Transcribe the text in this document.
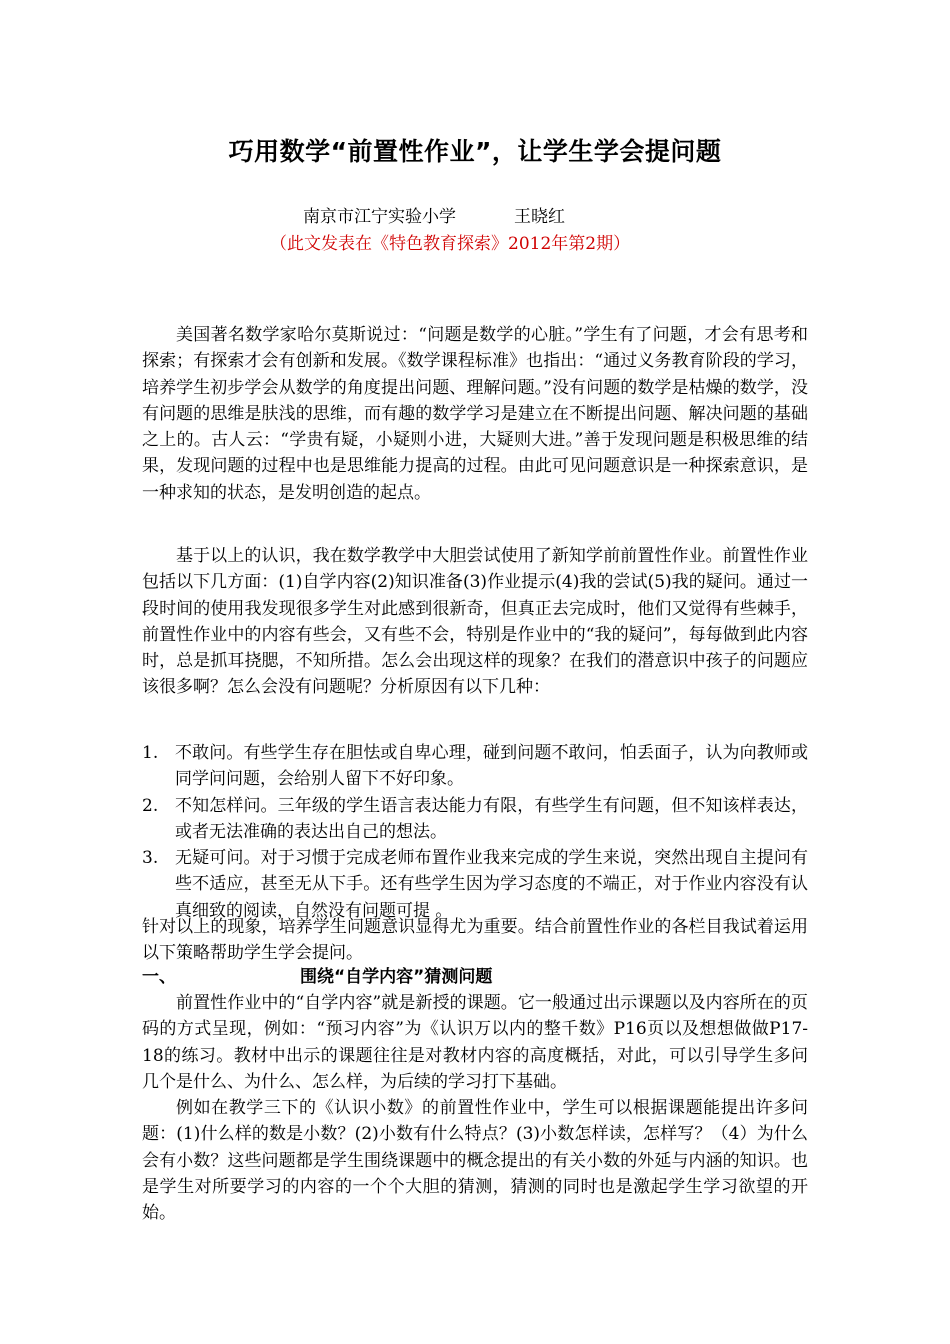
巧用数学“前置性作业”，让学生学会提问题
南京市江宁实验小学	王晓红
（此文发表在《特色教育探索》2012年第2期）

美国著名数学家哈尔莫斯说过：“问题是数学的心脏。”学生有了问题，才会有思考和探索；有探索才会有创新和发展。《数学课程标准》也指出：“通过义务教育阶段的学习，培养学生初步学会从数学的角度提出问题、理解问题。”没有问题的数学是枯燥的数学，没有问题的思维是肤浅的思维，而有趣的数学学习是建立在不断提出问题、解决问题的基础之上的。古人云：“学贵有疑，小疑则小进，大疑则大进。”善于发现问题是积极思维的结果，发现问题的过程中也是思维能力提高的过程。由此可见问题意识是一种探索意识，是一种求知的状态，是发明创造的起点。

基于以上的认识，我在数学教学中大胆尝试使用了新知学前前置性作业。前置性作业包括以下几方面：(1)自学内容(2)知识准备(3)作业提示(4)我的尝试(5)我的疑问。通过一段时间的使用我发现很多学生对此感到很新奇，但真正去完成时，他们又觉得有些棘手，前置性作业中的内容有些会，又有些不会，特别是作业中的“我的疑问”，每每做到此内容时，总是抓耳挠腮，不知所措。怎么会出现这样的现象？在我们的潜意识中孩子的问题应该很多啊？怎么会没有问题呢？分析原因有以下几种：

1. 不敢问。有些学生存在胆怯或自卑心理，碰到问题不敢问，怕丢面子，认为向教师或同学问问题，会给别人留下不好印象。
2. 不知怎样问。三年级的学生语言表达能力有限，有些学生有问题，但不知该样表达，或者无法准确的表达出自己的想法。
3. 无疑可问。对于习惯于完成老师布置作业我来完成的学生来说，突然出现自主提问有些不适应，甚至无从下手。还有些学生因为学习态度的不端正，对于作业内容没有认真细致的阅读，自然没有问题可提 。

针对以上的现象，培养学生问题意识显得尤为重要。结合前置性作业的各栏目我试着运用以下策略帮助学生学会提问。

一、	围绕“自学内容”猜测问题

前置性作业中的“自学内容”就是新授的课题。它一般通过出示课题以及内容所在的页码的方式呈现，例如：“预习内容”为《认识万以内的整千数》P16页以及想想做做P17-18的练习。教材中出示的课题往往是对教材内容的高度概括，对此，可以引导学生多问几个是什么、为什么、怎么样，为后续的学习打下基础。

例如在教学三下的《认识小数》的前置性作业中，学生可以根据课题能提出许多问题：(1)什么样的数是小数？(2)小数有什么特点？(3)小数怎样读，怎样写？（4）为什么会有小数？这些问题都是学生围绕课题中的概念提出的有关小数的外延与内涵的知识。也是学生对所要学习的内容的一个个大胆的猜测，猜测的同时也是激起学生学习欲望的开始。
